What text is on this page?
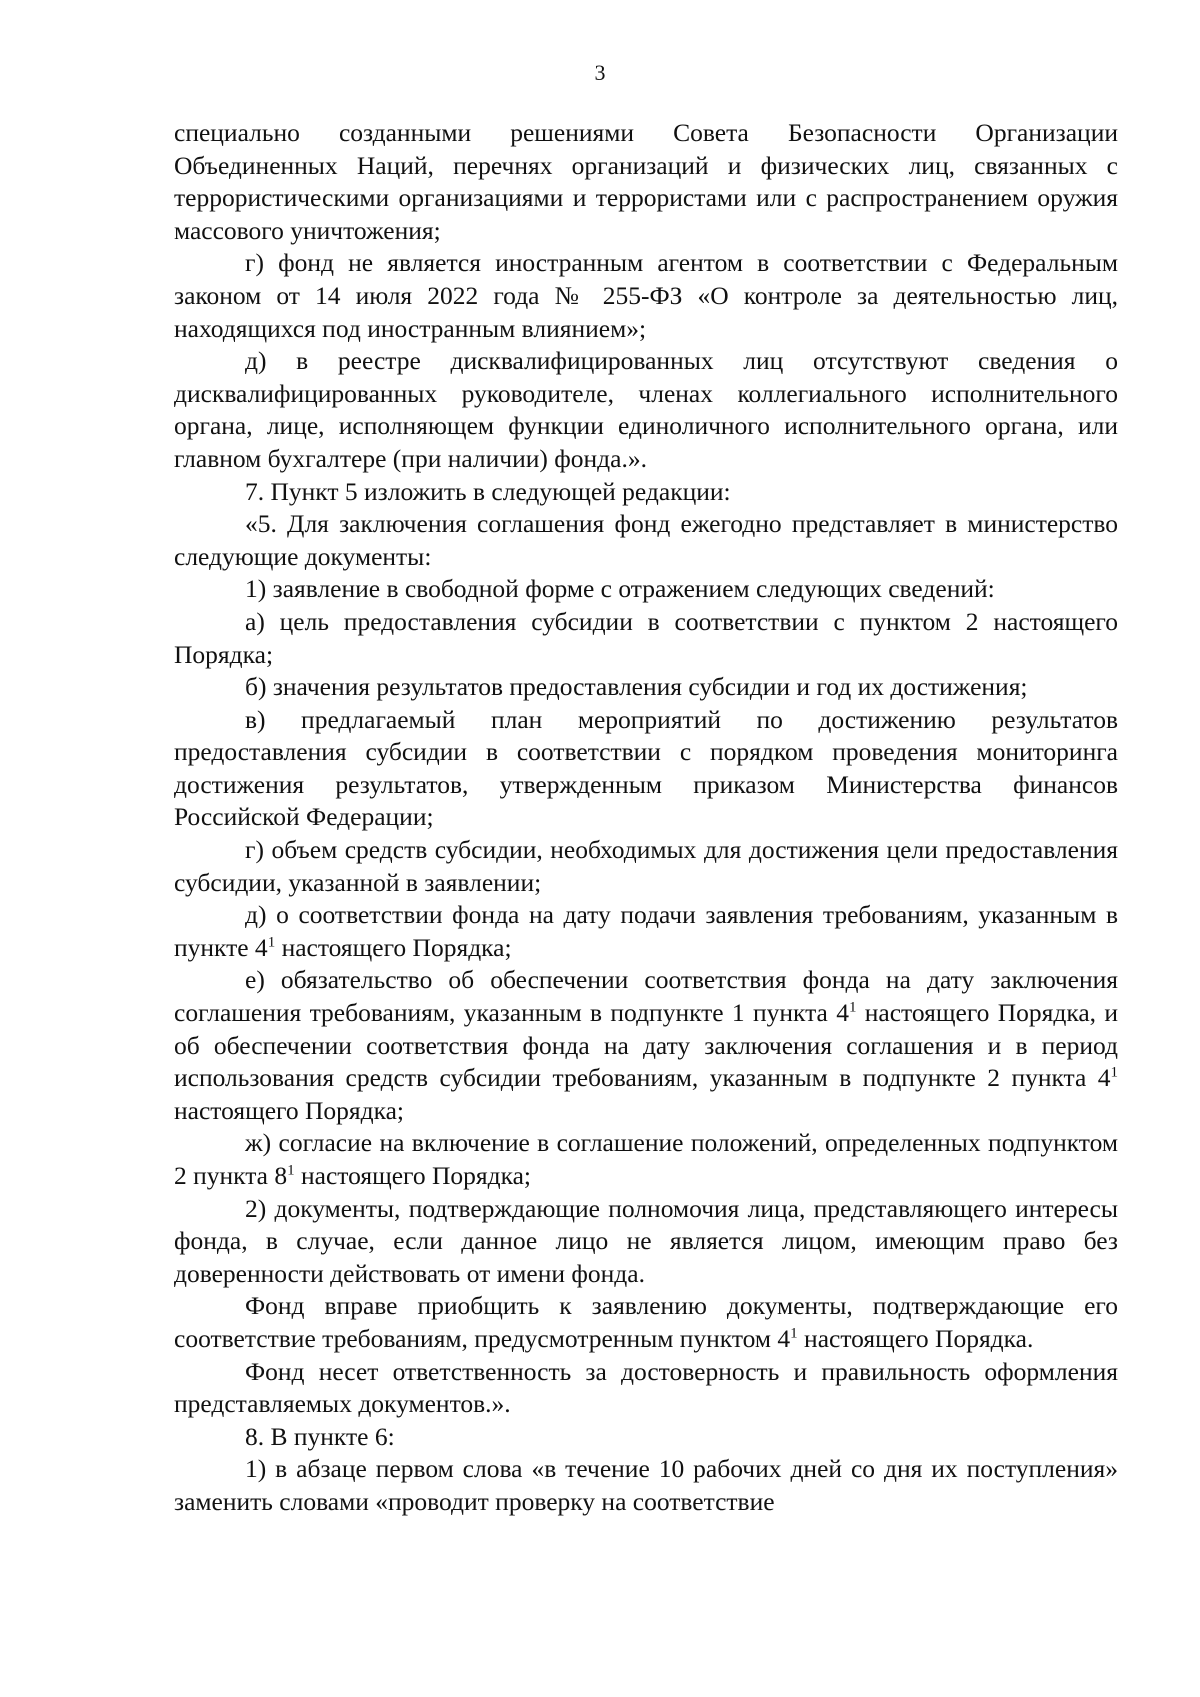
3

специально созданными решениями Совета Безопасности Организации Объединенных Наций, перечнях организаций и физических лиц, связанных с террористическими организациями и террористами или с распространением оружия массового уничтожения;

г) фонд не является иностранным агентом в соответствии с Федеральным законом от 14 июля 2022 года № 255-ФЗ «О контроле за деятельностью лиц, находящихся под иностранным влиянием»;

д) в реестре дисквалифицированных лиц отсутствуют сведения о дисквалифицированных руководителе, членах коллегиального исполнительного органа, лице, исполняющем функции единоличного исполнительного органа, или главном бухгалтере (при наличии) фонда.».

7. Пункт 5 изложить в следующей редакции:

«5. Для заключения соглашения фонд ежегодно представляет в министерство следующие документы:

1) заявление в свободной форме с отражением следующих сведений:

а) цель предоставления субсидии в соответствии с пунктом 2 настоящего Порядка;

б) значения результатов предоставления субсидии и год их достижения;

в) предлагаемый план мероприятий по достижению результатов предоставления субсидии в соответствии с порядком проведения мониторинга достижения результатов, утвержденным приказом Министерства финансов Российской Федерации;

г) объем средств субсидии, необходимых для достижения цели предоставления субсидии, указанной в заявлении;

д) о соответствии фонда на дату подачи заявления требованиям, указанным в пункте $4^1$ настоящего Порядка;

е) обязательство об обеспечении соответствия фонда на дату заключения соглашения требованиям, указанным в подпункте 1 пункта $4^1$ настоящего Порядка, и об обеспечении соответствия фонда на дату заключения соглашения и в период использования средств субсидии требованиям, указанным в подпункте 2 пункта $4^1$ настоящего Порядка;

ж) согласие на включение в соглашение положений, определенных подпунктом 2 пункта $8^1$ настоящего Порядка;

2) документы, подтверждающие полномочия лица, представляющего интересы фонда, в случае, если данное лицо не является лицом, имеющим право без доверенности действовать от имени фонда.

Фонд вправе приобщить к заявлению документы, подтверждающие его соответствие требованиям, предусмотренным пунктом $4^1$ настоящего Порядка.

Фонд несет ответственность за достоверность и правильность оформления представляемых документов.».

8. В пункте 6:

1) в абзаце первом слова «в течение 10 рабочих дней со дня их поступления» заменить словами «проводит проверку на соответствие
